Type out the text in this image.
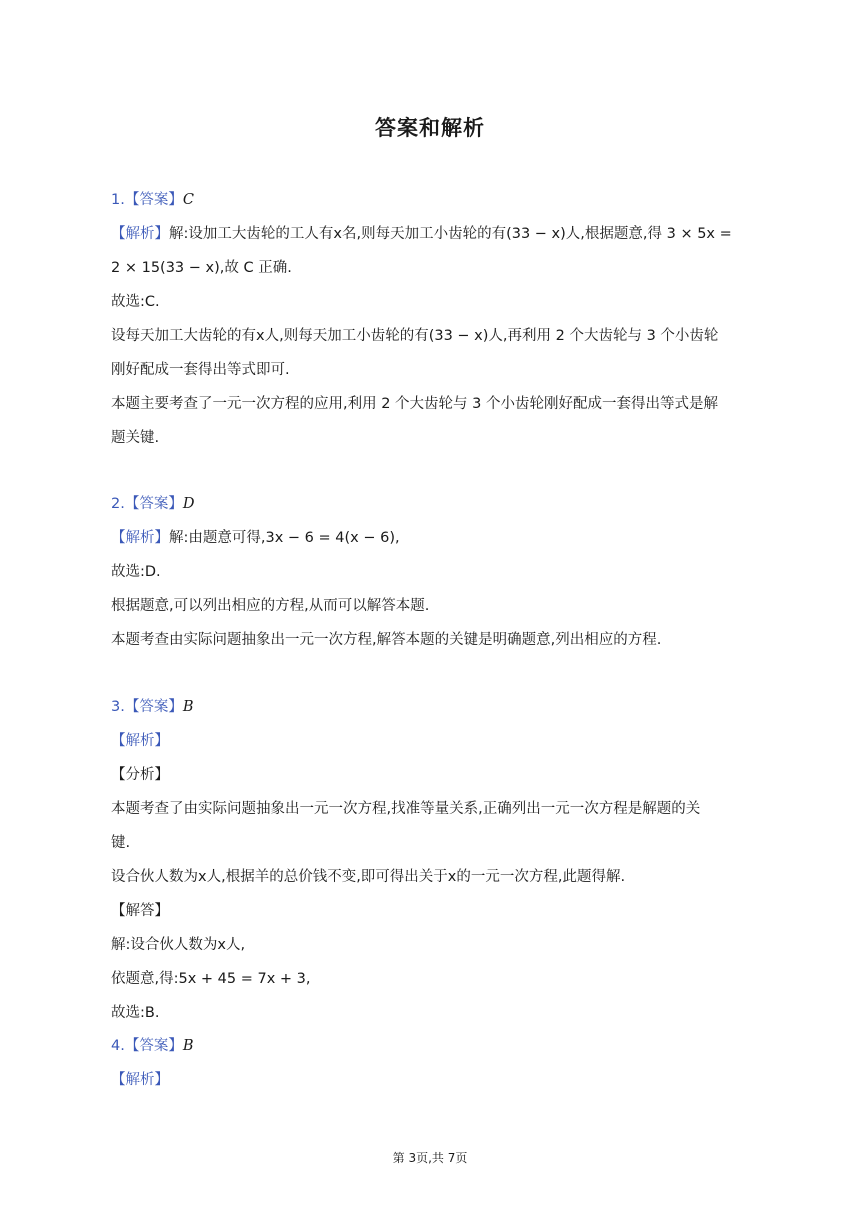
答案和解析
1.【答案】C
【解析】解:设加工大齿轮的工人有x名,则每天加工小齿轮的有(33 − x)人,根据题意,得 3 × 5x =
2 × 15(33 − x),故 C 正确.
故选:C.
设每天加工大齿轮的有x人,则每天加工小齿轮的有(33 − x)人,再利用 2 个大齿轮与 3 个小齿轮
刚好配成一套得出等式即可.
本题主要考查了一元一次方程的应用,利用 2 个大齿轮与 3 个小齿轮刚好配成一套得出等式是解
题关键.
2.【答案】D
【解析】解:由题意可得,3x − 6 = 4(x − 6),
故选:D.
根据题意,可以列出相应的方程,从而可以解答本题.
本题考查由实际问题抽象出一元一次方程,解答本题的关键是明确题意,列出相应的方程.
3.【答案】B
【解析】
【分析】
本题考查了由实际问题抽象出一元一次方程,找准等量关系,正确列出一元一次方程是解题的关
键.
设合伙人数为x人,根据羊的总价钱不变,即可得出关于x的一元一次方程,此题得解.
【解答】
解:设合伙人数为x人,
依题意,得:5x + 45 = 7x + 3,
故选:B.
4.【答案】B
【解析】
第 3页,共 7页
